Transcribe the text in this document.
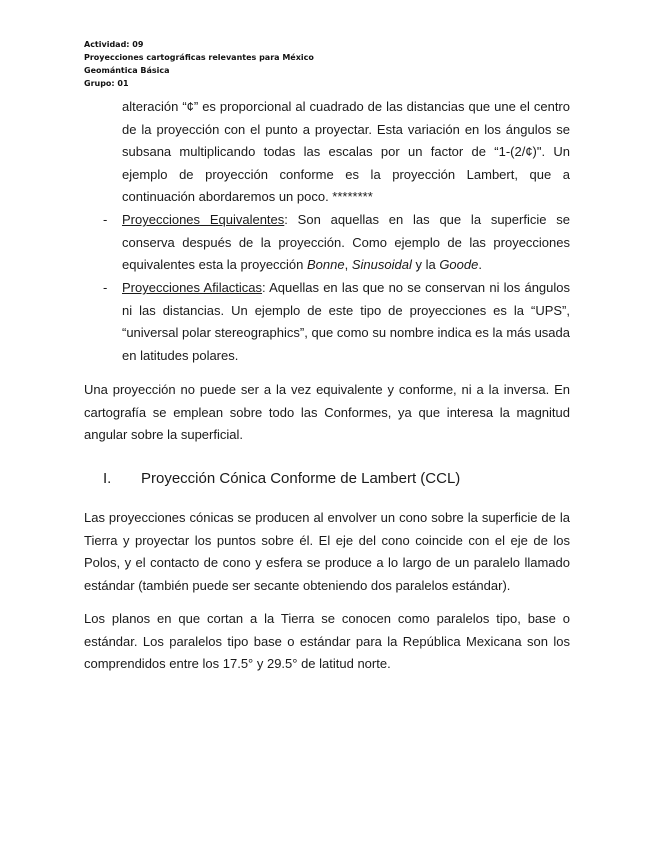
Actividad: 09
Proyecciones cartográficas relevantes para México
Geomántica Básica
Grupo: 01
alteración “¢” es proporcional al cuadrado de las distancias que une el centro de la proyección con el punto a proyectar. Esta variación en los ángulos se subsana multiplicando todas las escalas por un factor de “1-(2/¢)". Un ejemplo de proyección conforme es la proyección Lambert, que a continuación abordaremos un poco. ********
- Proyecciones Equivalentes: Son aquellas en las que la superficie se conserva después de la proyección. Como ejemplo de las proyecciones equivalentes esta la proyección Bonne, Sinusoidal y la Goode.
- Proyecciones Afilacticas: Aquellas en las que no se conservan ni los ángulos ni las distancias. Un ejemplo de este tipo de proyecciones es la “UPS”, “universal polar stereographics”, que como su nombre indica es la más usada en latitudes polares.
Una proyección no puede ser a la vez equivalente y conforme, ni a la inversa. En cartografía se emplean sobre todo las Conformes, ya que interesa la magnitud angular sobre la superficial.
I. Proyección Cónica Conforme de Lambert (CCL)
Las proyecciones cónicas se producen al envolver un cono sobre la superficie de la Tierra y proyectar los puntos sobre él. El eje del cono coincide con el eje de los Polos, y el contacto de cono y esfera se produce a lo largo de un paralelo llamado estándar (también puede ser secante obteniendo dos paralelos estándar).
Los planos en que cortan a la Tierra se conocen como paralelos tipo, base o estándar. Los paralelos tipo base o estándar para la República Mexicana son los comprendidos entre los 17.5° y 29.5° de latitud norte.
